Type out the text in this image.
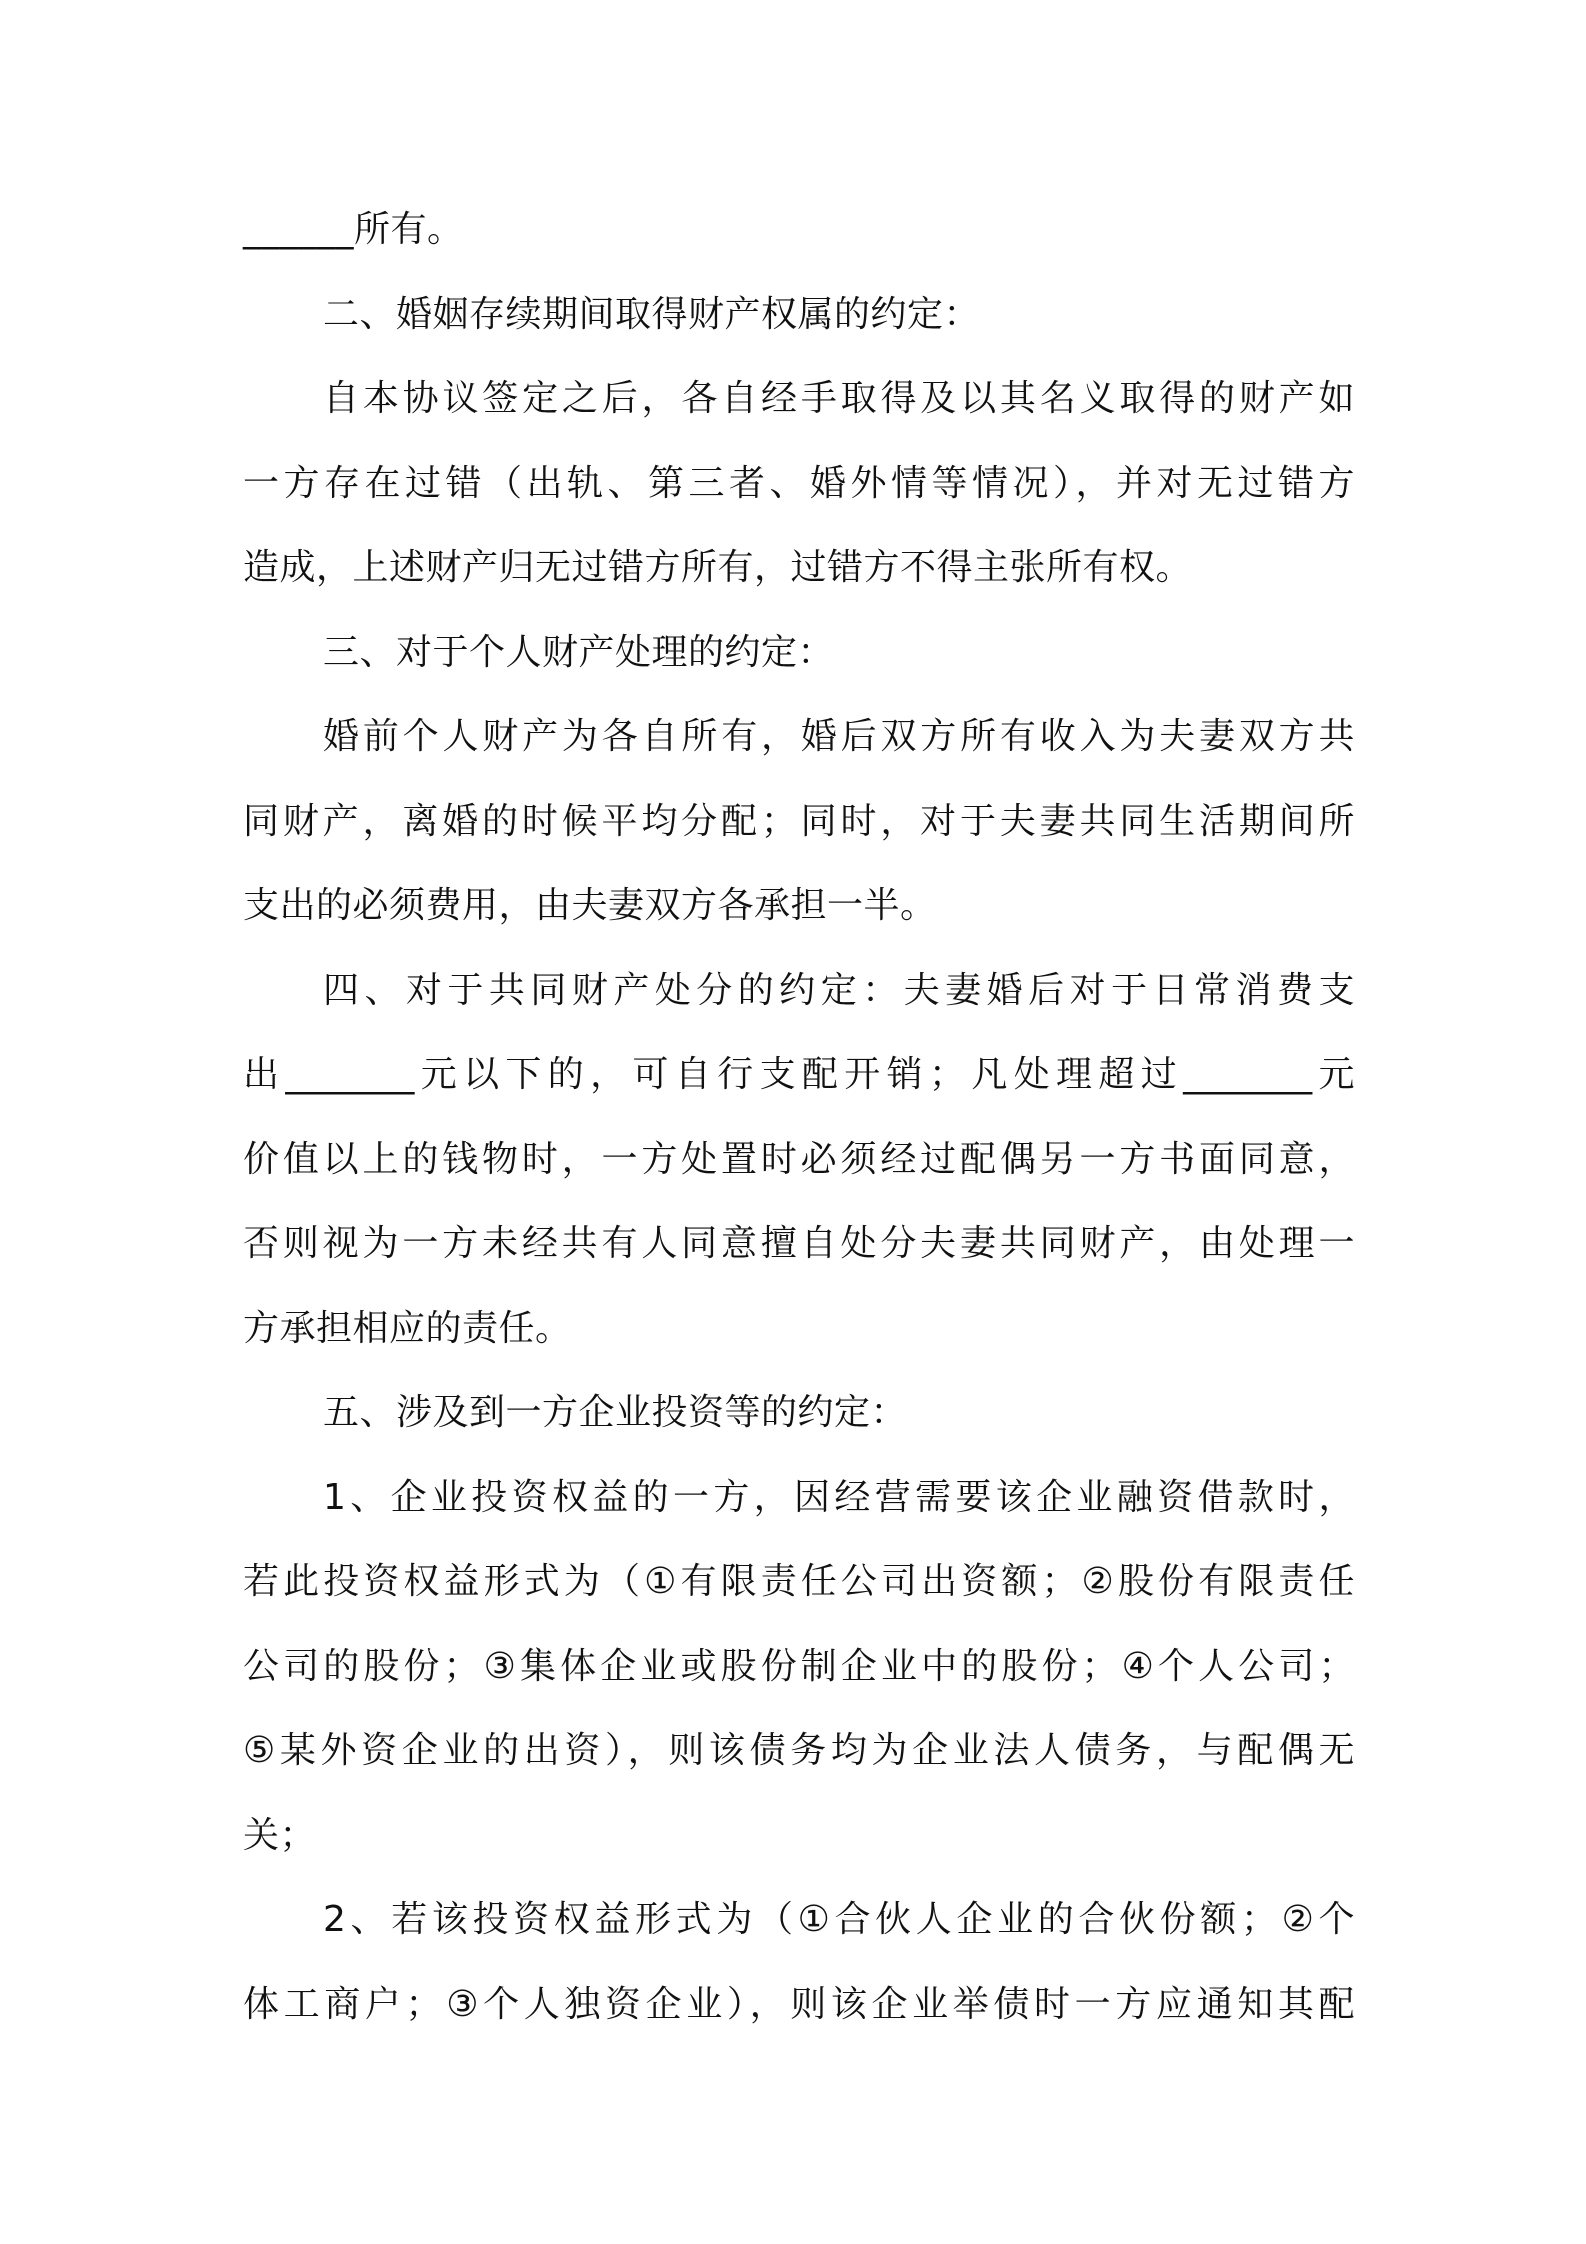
______所有。
二、婚姻存续期间取得财产权属的约定：
自本协议签定之后，各自经手取得及以其名义取得的财产如
一方存在过错（出轨、第三者、婚外情等情况），并对无过错方
造成，上述财产归无过错方所有，过错方不得主张所有权。
三、对于个人财产处理的约定：
婚前个人财产为各自所有，婚后双方所有收入为夫妻双方共
同财产，离婚的时候平均分配；同时，对于夫妻共同生活期间所
支出的必须费用，由夫妻双方各承担一半。
四、对于共同财产处分的约定：夫妻婚后对于日常消费支
出_______元以下的，可自行支配开销；凡处理超过_______元
价值以上的钱物时，一方处置时必须经过配偶另一方书面同意，
否则视为一方未经共有人同意擅自处分夫妻共同财产，由处理一
方承担相应的责任。
五、涉及到一方企业投资等的约定：
1、企业投资权益的一方，因经营需要该企业融资借款时，
若此投资权益形式为（①有限责任公司出资额；②股份有限责任
公司的股份；③集体企业或股份制企业中的股份；④个人公司；
⑤某外资企业的出资），则该债务均为企业法人债务，与配偶无
关；
2、若该投资权益形式为（①合伙人企业的合伙份额；②个
体工商户；③个人独资企业），则该企业举债时一方应通知其配
